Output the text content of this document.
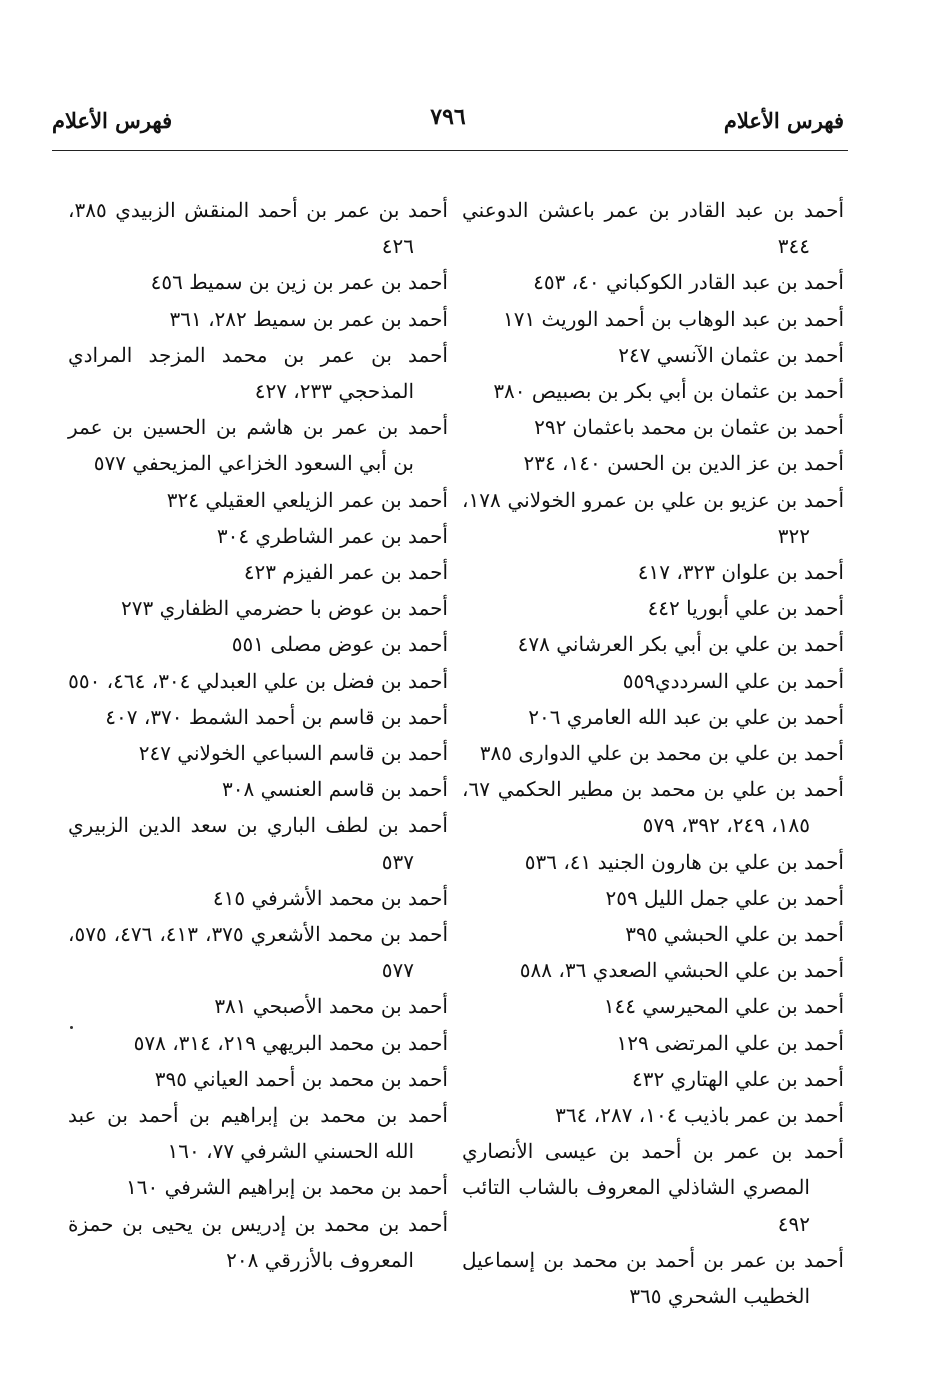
فهرس الأعلام
٧٩٦
فهرس الأعلام

أحمد بن عبد القادر بن عمر باعشن الدوعني ٣٤٤

أحمد بن عبد القادر الكوكباني ٤٠، ٤٥٣

أحمد بن عبد الوهاب بن أحمد الوريث ١٧١

أحمد بن عثمان الآنسي ٢٤٧

أحمد بن عثمان بن أبي بكر بن بصبيص ٣٨٠

أحمد بن عثمان بن محمد باعثمان ٢٩٢

أحمد بن عز الدين بن الحسن ١٤٠، ٢٣٤

أحمد بن عزيو بن علي بن عمرو الخولاني ١٧٨، ٣٢٢

أحمد بن علوان ٣٢٣، ٤١٧

أحمد بن علي أبوريا ٤٤٢

أحمد بن علي بن أبي بكر العرشاني ٤٧٨

أحمد بن علي السرددي٥٥٩

أحمد بن علي بن عبد الله العامري ٢٠٦

أحمد بن علي بن محمد بن علي الدوارى ٣٨٥

أحمد بن علي بن محمد بن مطير الحكمي ٦٧، ١٨٥، ٢٤٩، ٣٩٢، ٥٧٩

أحمد بن علي بن هارون الجنيد ٤١، ٥٣٦

أحمد بن علي جمل الليل ٢٥٩

أحمد بن علي الحبشي ٣٩٥

أحمد بن علي الحبشي الصعدي ٣٦، ٥٨٨

أحمد بن علي المحيرسي ١٤٤

أحمد بن علي المرتضى ١٢٩

أحمد بن علي الهتاري ٤٣٢

أحمد بن عمر باذيب ١٠٤، ٢٨٧، ٣٦٤

أحمد بن عمر بن أحمد بن عيسى الأنصاري المصري الشاذلي المعروف بالشاب التائب ٤٩٢

أحمد بن عمر بن أحمد بن محمد بن إسماعيل الخطيب الشحري ٣٦٥

أحمد بن عمر بن أحمد المنقش الزبيدي ٣٨٥، ٤٢٦

أحمد بن عمر بن زين بن سميط ٤٥٦

أحمد بن عمر بن سميط ٢٨٢، ٣٦١

أحمد بن عمر بن محمد المزجد المرادي المذحجي ٢٣٣، ٤٢٧

أحمد بن عمر بن هاشم بن الحسين بن عمر بن أبي السعود الخزاعي المزيحفي ٥٧٧

أحمد بن عمر الزيلعي العقيلي ٣٢٤

أحمد بن عمر الشاطري ٣٠٤

أحمد بن عمر الفيزم ٤٢٣

أحمد بن عوض با حضرمي الظفاري ٢٧٣

أحمد بن عوض مصلى ٥٥١

أحمد بن فضل بن علي العبدلي ٣٠٤، ٤٦٤، ٥٥٠

أحمد بن قاسم بن أحمد الشمط ٣٧٠، ٤٠٧

أحمد بن قاسم السباعي الخولاني ٢٤٧

أحمد بن قاسم العنسي ٣٠٨

أحمد بن لطف الباري بن سعد الدين الزبيري ٥٣٧

أحمد بن محمد الأشرفي ٤١٥

أحمد بن محمد الأشعري ٣٧٥، ٤١٣، ٤٧٦، ٥٧٥، ٥٧٧

أحمد بن محمد الأصبحي ٣٨١

أحمد بن محمد البريهي ٢١٩، ٣١٤، ٥٧٨

أحمد بن محمد بن أحمد العياني ٣٩٥

أحمد بن محمد بن إبراهيم بن أحمد بن عبد الله الحسني الشرفي ٧٧، ١٦٠

أحمد بن محمد بن إبراهيم الشرفي ١٦٠

أحمد بن محمد بن إدريس بن يحيى بن حمزة المعروف بالأزرقي ٢٠٨
